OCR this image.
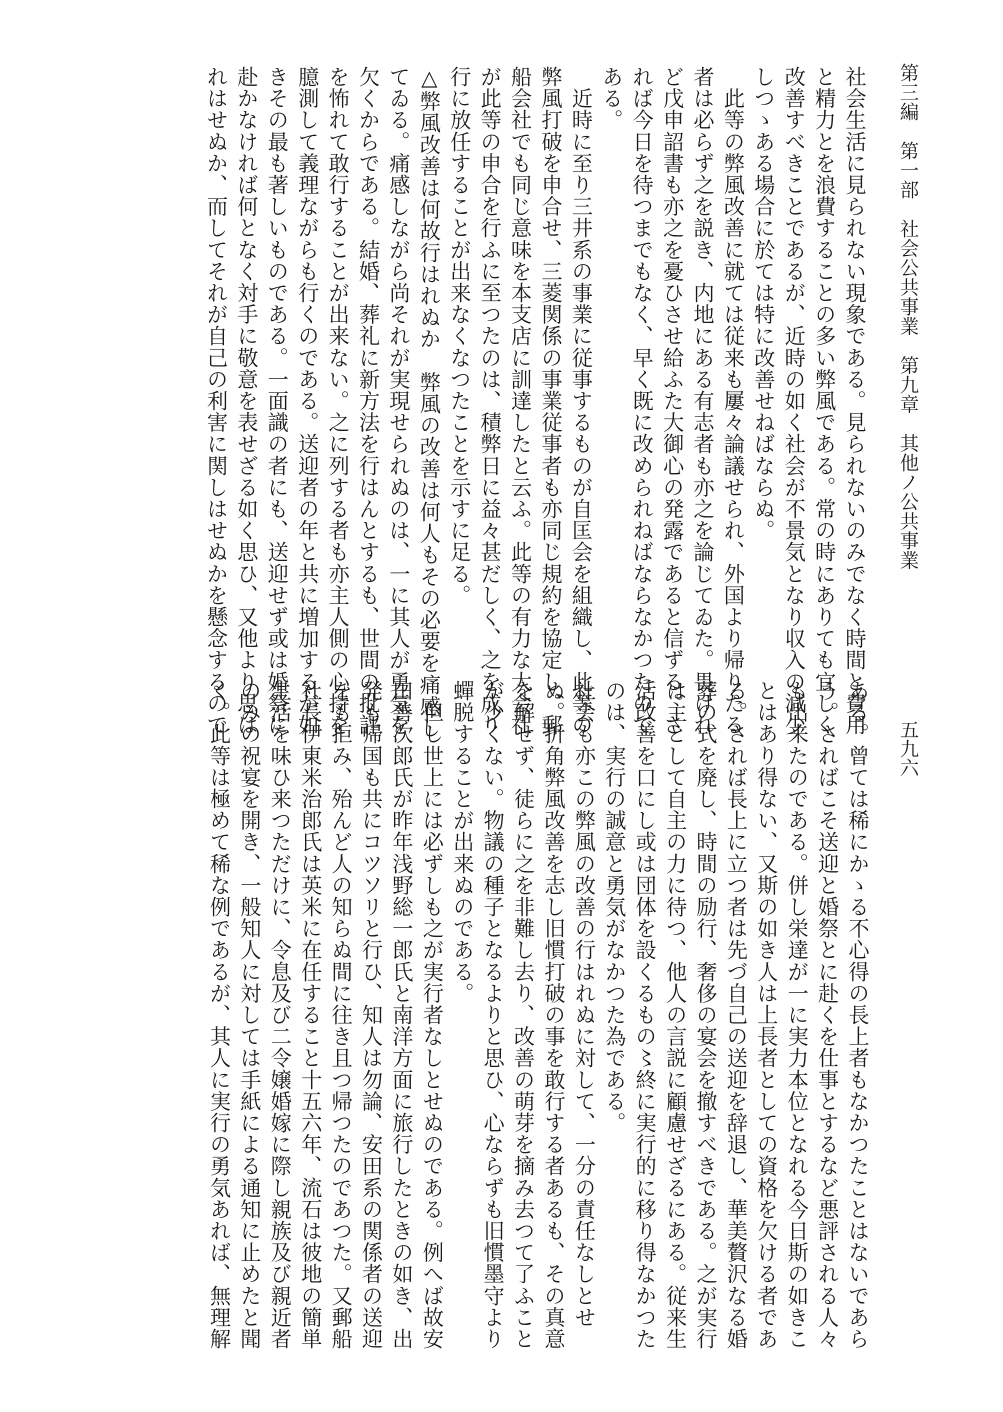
第三編　第一部　社会公共事業　第九章　其他ノ公共事業
五九六

社会生活に見られない現象である。見られないのみでなく時間と費用

と精力とを浪費することの多い弊風である。常の時にありても宜しく

改善すべきことであるが、近時の如く社会が不景気となり収入の減少

しつゝある場合に於ては特に改善せねばならぬ。

　此等の弊風改善に就ては従来も屢々論議せられ、外国より帰りたる

者は必らず之を説き、内地にある有志者も亦之を論じてゐた。畏けれ

ど戊申詔書も亦之を憂ひさせ給ふた大御心の発露であると信ずる。さ

れば今日を待つまでもなく、早く既に改められねばならなかつたので

ある。

　近時に至り三井系の事業に従事するものが自匡会を組織し、此等の

弊風打破を申合せ、三菱関係の事業従事者も亦同じ規約を協定し、郵

船会社でも同じ意味を本支店に訓達したと云ふ。此等の有力な大会社

が此等の申合を行ふに至つたのは、積弊日に益々甚だしく、之を成り

行に放任することが出来なくなつたことを示すに足る。

△弊風改善は何故行はれぬか　弊風の改善は何人もその必要を痛感し

てゐる。痛感しながら尚それが実現せられぬのは、一に其人が勇気を

欠くからである。結婚、葬礼に新方法を行はんとするも、世間の批評

を怖れて敢行することが出来ない。之に列する者も亦主人側の心持を

臆測して義理ながらも行くのである。送迎者の年と共に増加するが如

きその最も著しいものである。一面識の者にも、送迎せず或は婚祭に

赴かなければ何となく対手に敬意を表せざる如く思ひ、又他より思は

れはせぬか、而してそれが自己の利害に関しはせぬかを懸念するので

ある。曾ては稀にかゝる不心得の長上者もなかつたことはないであら

う。さればこそ送迎と婚祭とに赴くを仕事とするなど悪評される人々

も出来たのである。併し栄達が一に実力本位となれる今日斯の如きこ

とはあり得ない、又斯の如き人は上長者としての資格を欠ける者であ

る。されば長上に立つ者は先づ自己の送迎を辞退し、華美贅沢なる婚

葬の式を廃し、時間の励行、奢侈の宴会を撤すべきである。之が実行

は主として自主の力に待つ、他人の言説に顧慮せざるにある。従来生

活改善を口にし或は団体を設くるもの〻終に実行的に移り得なかつた

のは、実行の誠意と勇気がなかつた為である。

社会も亦この弊風の改善の行はれぬに対して、一分の責任なしとせ

ぬ。折角弊風改善を志し旧慣打破の事を敢行する者あるも、その真意

を解せず、徒らに之を非難し去り、改善の萌芽を摘み去つて了ふこと

が少くない。物議の種子となるよりと思ひ、心ならずも旧慣墨守より

蟬脱することが出来ぬのである。

　但し世上には必ずしも之が実行者なしとせぬのである。例へば故安

田善次郎氏が昨年浅野総一郎氏と南洋方面に旅行したときの如き、出

発も帰国も共にコツソリと行ひ、知人は勿論、安田系の関係者の送迎

をも拒み、殆んど人の知らぬ間に往き且つ帰つたのであつた。又郵船

社長伊東米治郎氏は英米に在任すること十五六年、流石は彼地の簡単

生活を味ひ来つただけに、令息及び二令嬢婚嫁に際し親族及び親近者

のみの祝宴を開き、一般知人に対しては手紙による通知に止めたと聞

く。此等は極めて稀な例であるが、其人に実行の勇気あれば、無理解
